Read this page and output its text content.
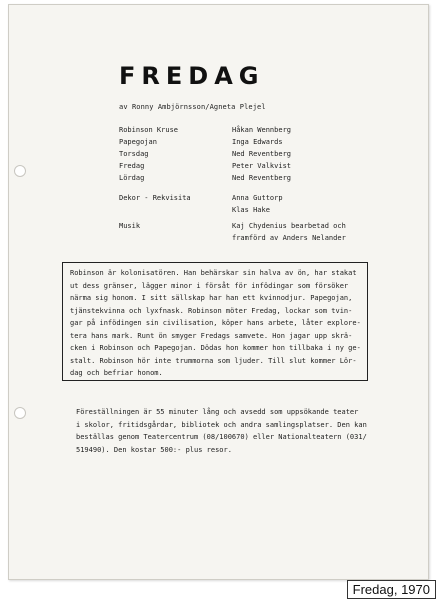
FREDAG
av Ronny Ambjörnsson/Agneta Plejel
Robinson Kruse	Håkan Wennberg
Papegojan	Inga Edwards
Torsdag	Ned Reventberg
Fredag	Peter Valkvist
Lördag	Ned Reventberg
Dekor - Rekvisita	Anna Guttorp
Klas Hake
Musik	Kaj Chydenius bearbetad och
framförd av Anders Nelander

Robinson är kolonisatören. Han behärskar sin halva av ön, har stakat
ut dess gränser, lägger minor i försåt för infödingar som försöker
närma sig honom. I sitt sällskap har han ett kvinnodjur. Papegojan,
tjänstekvinna och lyxfnask. Robinson möter Fredag, lockar som tvin-
gar på infödingen sin civilisation, köper hans arbete, låter explore-
tera hans mark. Runt ön smyger Fredags samvete. Hon jagar upp skrä-
cken i Robinson och Papegojan. Dödas hon kommer hon tillbaka i ny ge-
stalt. Robinson hör inte trummorna som ljuder. Till slut kommer Lör-
dag och befriar honom.

Föreställningen är 55 minuter lång och avsedd som uppsökande teater
i skolor, fritidsgårdar, bibliotek och andra samlingsplatser. Den kan
beställas genom Teatercentrum (08/100670) eller Nationalteatern (031/
519490). Den kostar 500:- plus resor.

Fredag, 1970
